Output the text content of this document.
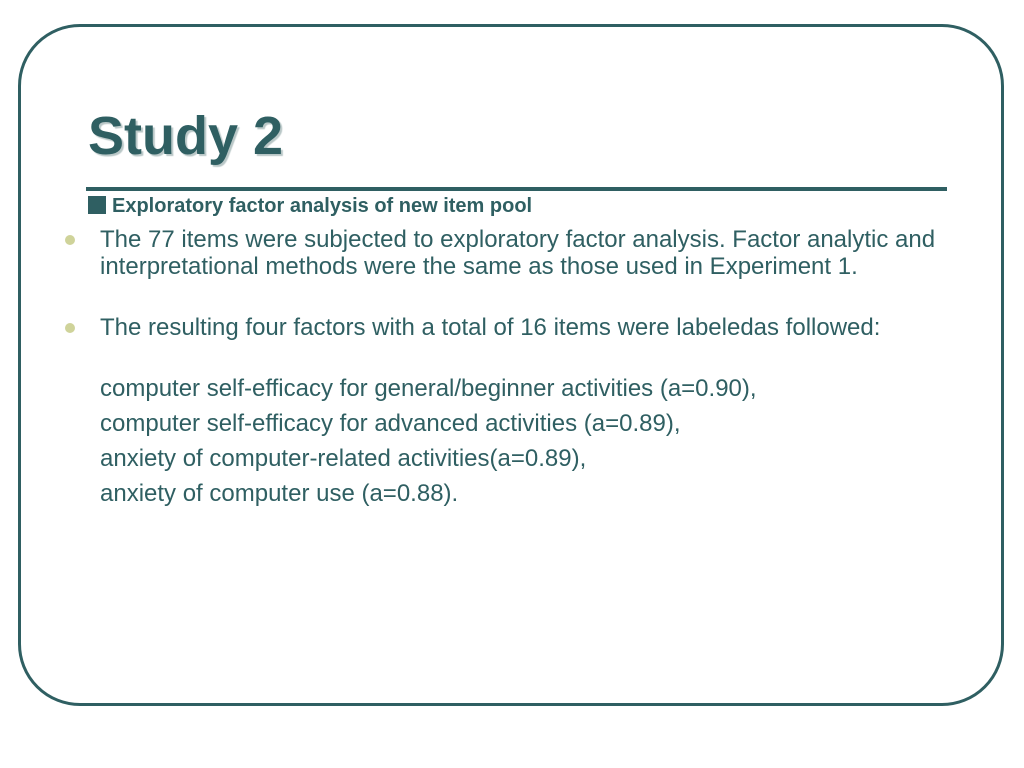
Study 2
Exploratory factor analysis of new item pool

The 77 items were subjected to exploratory factor analysis. Factor analytic and interpretational methods were the same as those used in Experiment 1.

The resulting four factors with a total of 16 items were labeledas followed:

computer self-efficacy for general/beginner activities (a=0.90),

computer self-efficacy for advanced activities (a=0.89),

anxiety of computer-related activities(a=0.89),

anxiety of computer use (a=0.88).
